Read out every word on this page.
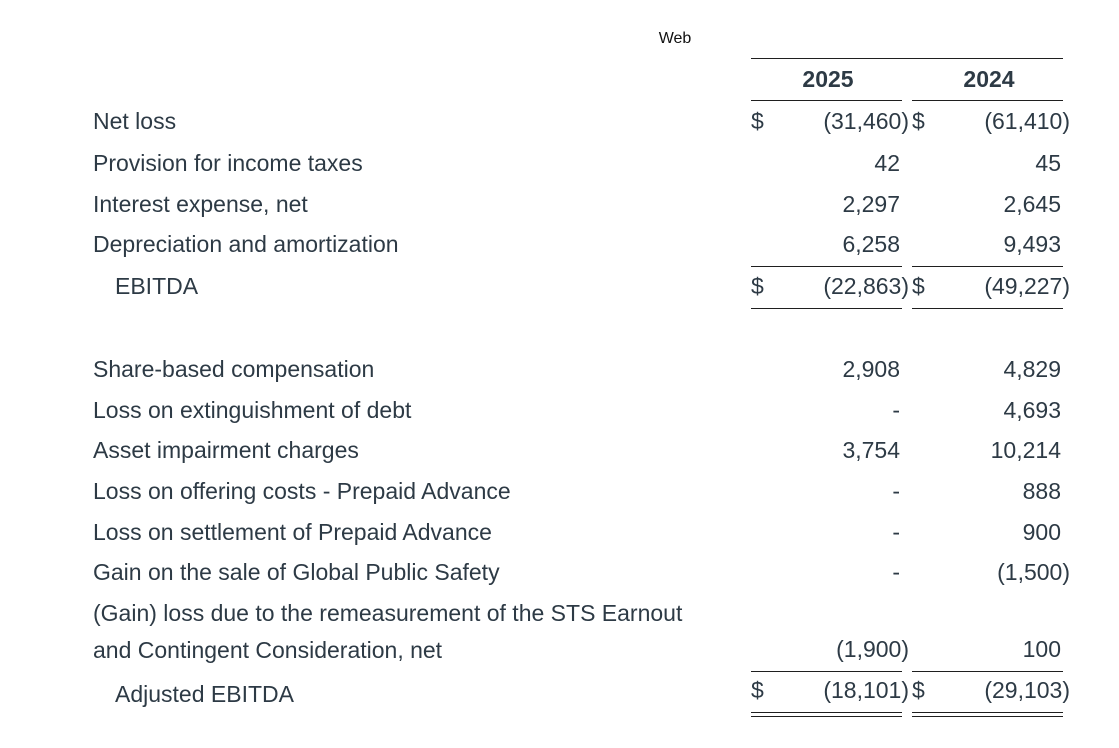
Web
2025	2024
Net loss	$	(31,460) $	(61,410)
Provision for income taxes	42	45
Interest expense, net	2,297	2,645
Depreciation and amortization	6,258	9,493
EBITDA	$	(22,863) $	(49,227)
Share-based compensation	2,908	4,829
Loss on extinguishment of debt	-	4,693
Asset impairment charges	3,754	10,214
Loss on offering costs - Prepaid Advance	-	888
Loss on settlement of Prepaid Advance	-	900
Gain on the sale of Global Public Safety	-	(1,500)
(Gain) loss due to the remeasurement of the STS Earnout
and Contingent Consideration, net	(1,900)	100
Adjusted EBITDA	$	(18,101) $	(29,103)
